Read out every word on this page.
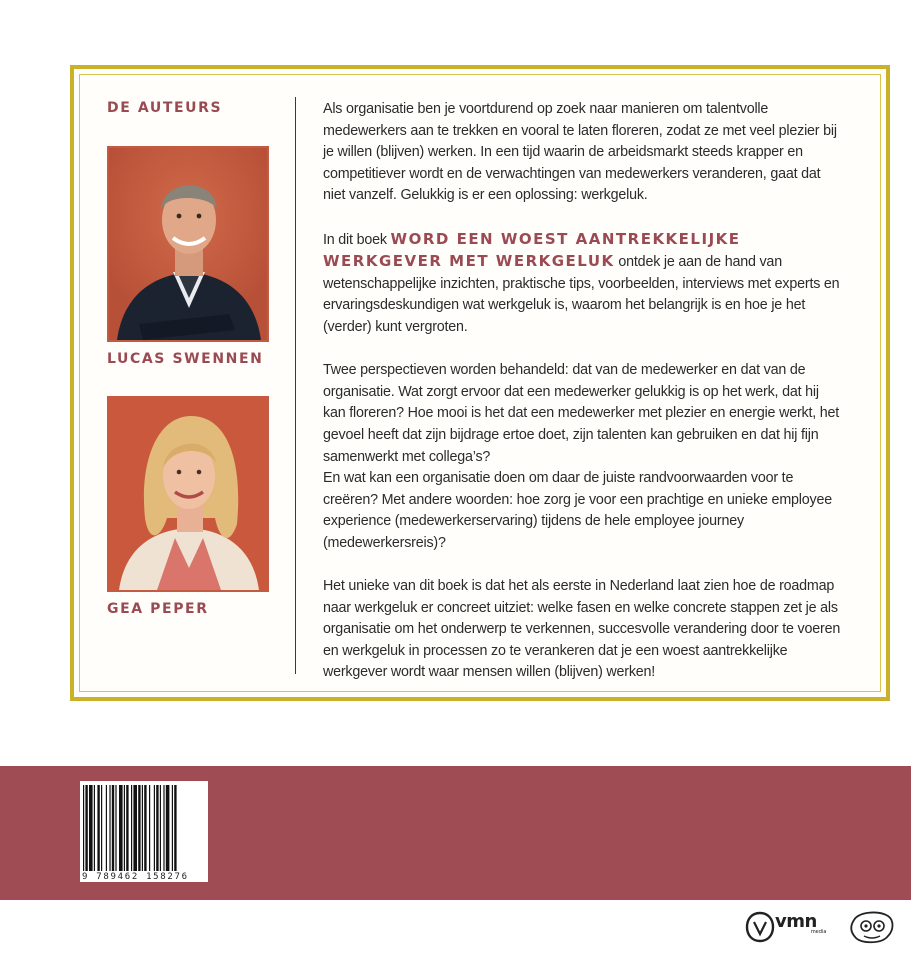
DE AUTEURS
LUCAS SWENNEN
GEA PEPER

Als organisatie ben je voortdurend op zoek naar manieren om talentvolle medewerkers aan te trekken en vooral te laten floreren, zodat ze met veel plezier bij je willen (blijven) werken. In een tijd waarin de arbeidsmarkt steeds krapper en competitiever wordt en de verwachtingen van medewerkers veranderen, gaat dat niet vanzelf. Gelukkig is er een oplossing: werkgeluk.

In dit boek WORD EEN WOEST AANTREKKELIJKE WERKGEVER MET WERKGELUK ontdek je aan de hand van wetenschappelijke inzichten, praktische tips, voorbeelden, interviews met experts en ervaringsdeskundigen wat werkgeluk is, waarom het belangrijk is en hoe je het (verder) kunt vergroten.

Twee perspectieven worden behandeld: dat van de medewerker en dat van de organisatie. Wat zorgt ervoor dat een medewerker gelukkig is op het werk, dat hij kan floreren? Hoe mooi is het dat een medewerker met plezier en energie werkt, het gevoel heeft dat zijn bijdrage ertoe doet, zijn talenten kan gebruiken en dat hij fijn samenwerkt met collega’s?
En wat kan een organisatie doen om daar de juiste randvoorwaarden voor te creëren? Met andere woorden: hoe zorg je voor een prachtige en unieke employee experience (medewerkerservaring) tijdens de hele employee journey (medewerkersreis)?

Het unieke van dit boek is dat het als eerste in Nederland laat zien hoe de roadmap naar werkgeluk er concreet uitziet: welke fasen en welke concrete stappen zet je als organisatie om het onderwerp te verkennen, succesvolle verandering door te voeren en werkgeluk in processen zo te verankeren dat je een woest aantrekkelijke werkgever wordt waar mensen willen (blijven) werken!

9 789462 158276
vmn$_{media}$
